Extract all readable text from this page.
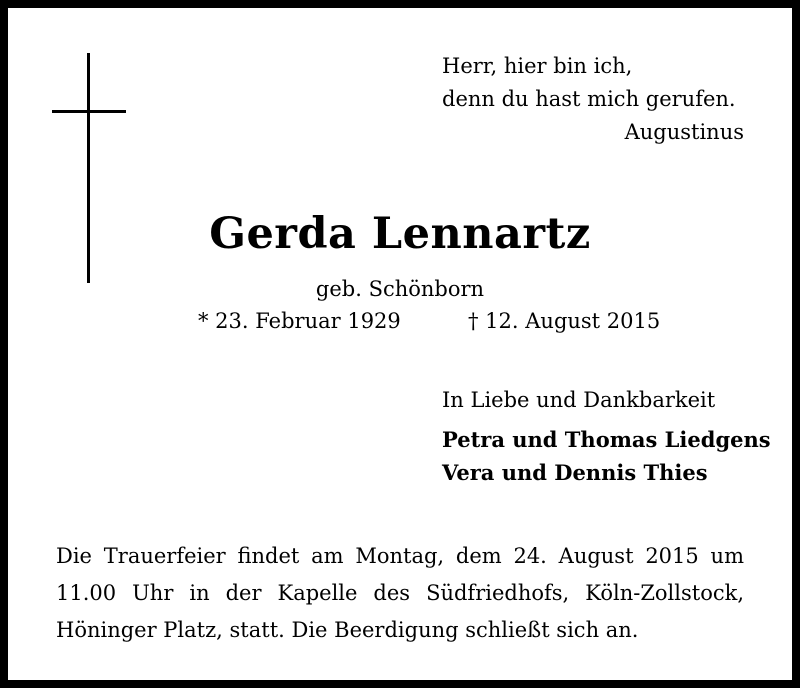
Herr, hier bin ich,
denn du hast mich gerufen.
Augustinus
Gerda Lennartz
geb. Schönborn
* 23. Februar 1929	† 12. August 2015
In Liebe und Dankbarkeit
Petra und Thomas Liedgens
Vera und Dennis Thies
Die Trauerfeier findet am Montag, dem 24. August 2015 um 11.00 Uhr in der Kapelle des Südfriedhofs, Köln-Zollstock, Höninger Platz, statt. Die Beerdigung schließt sich an.
